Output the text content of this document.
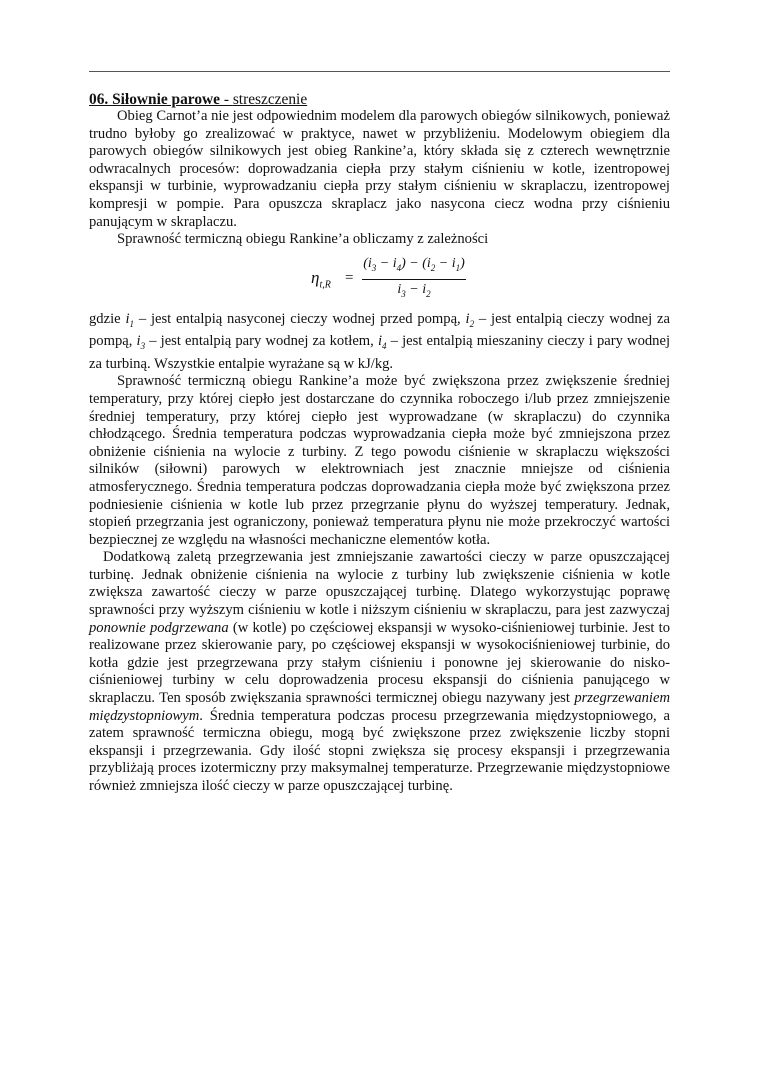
06. Siłownie parowe - streszczenie

Obieg Carnot’a nie jest odpowiednim modelem dla parowych obiegów silnikowych, ponieważ trudno byłoby go zrealizować w praktyce, nawet w przybliżeniu. Modelowym obiegiem dla parowych obiegów silnikowych jest obieg Rankine’a, który składa się z czterech wewnętrznie odwracalnych procesów: doprowadzania ciepła przy stałym ciśnieniu w kotle, izentropowej ekspansji w turbinie, wyprowadzaniu ciepła przy stałym ciśnieniu w skraplaczu, izentropowej kompresji w pompie. Para opuszcza skraplacz jako nasycona ciecz wodna przy ciśnieniu panującym w skraplaczu.

Sprawność termiczną obiegu Rankine’a obliczamy z zależności

$\eta_{t,R}$ =
$(i_3 - i_4) - (i_2 - i_1)$
$i_3 - i_2$

gdzie $i_1$ – jest entalpią nasyconej cieczy wodnej przed pompą, $i_2$ – jest entalpią cieczy wodnej za pompą, $i_3$ – jest entalpią pary wodnej za kotłem, $i_4$ – jest entalpią mieszaniny cieczy i pary wodnej za turbiną. Wszystkie entalpie wyrażane są w kJ/kg.

Sprawność termiczną obiegu Rankine’a może być zwiększona przez zwiększenie średniej temperatury, przy której ciepło jest dostarczane do czynnika roboczego i/lub przez zmniejszenie średniej temperatury, przy której ciepło jest wyprowadzane (w skraplaczu) do czynnika chłodzącego. Średnia temperatura podczas wyprowadzania ciepła może być zmniejszona przez obniżenie ciśnienia na wylocie z turbiny. Z tego powodu ciśnienie w skraplaczu większości silników (siłowni) parowych w elektrowniach jest znacznie mniejsze od ciśnienia atmosferycznego. Średnia temperatura podczas doprowadzania ciepła może być zwiększona przez podniesienie ciśnienia w kotle lub przez przegrzanie płynu do wyższej temperatury. Jednak, stopień przegrzania jest ograniczony, ponieważ temperatura płynu nie może przekroczyć wartości bezpiecznej ze względu na własności mechaniczne elementów kotła.

Dodatkową zaletą przegrzewania jest zmniejszanie zawartości cieczy w parze opuszczającej turbinę. Jednak obniżenie ciśnienia na wylocie z turbiny lub zwiększenie ciśnienia w kotle zwiększa zawartość cieczy w parze opuszczającej turbinę. Dlatego wykorzystując poprawę sprawności przy wyższym ciśnieniu w kotle i niższym ciśnieniu w skraplaczu, para jest zazwyczaj ponownie podgrzewana (w kotle) po częściowej ekspansji w wysoko-ciśnieniowej turbinie. Jest to realizowane przez skierowanie pary, po częściowej ekspansji w wysokociśnieniowej turbinie, do kotła gdzie jest przegrzewana przy stałym ciśnieniu i ponowne jej skierowanie do nisko-ciśnieniowej turbiny w celu doprowadzenia procesu ekspansji do ciśnienia panującego w skraplaczu. Ten sposób zwiększania sprawności termicznej obiegu nazywany jest przegrzewaniem międzystopniowym. Średnia temperatura podczas procesu przegrzewania międzystopniowego, a zatem sprawność termiczna obiegu, mogą być zwiększone przez zwiększenie liczby stopni ekspansji i przegrzewania. Gdy ilość stopni zwiększa się procesy ekspansji i przegrzewania przybliżają proces izotermiczny przy maksymalnej temperaturze. Przegrzewanie międzystopniowe również zmniejsza ilość cieczy w parze opuszczającej turbinę.
